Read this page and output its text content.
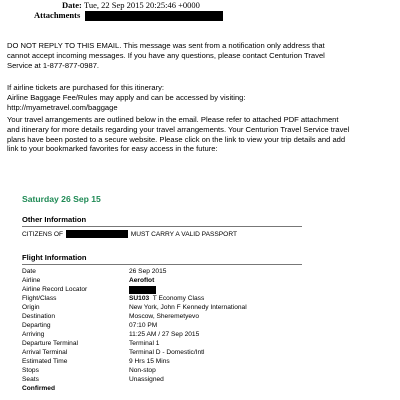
Date: Tue, 22 Sep 2015 20:25:46 +0000
Attachments
DO NOT REPLY TO THIS EMAIL. This message was sent from a notification only address that
cannot accept incoming messages. If you have any questions, please contact Centurion Travel
Service at 1-877-877-0987.
If airline tickets are purchased for this itinerary:
Airline Baggage Fee/Rules may apply and can be accessed by visiting:
http://myametravel.com/baggage
Your travel arrangements are outlined below in the email. Please refer to attached PDF attachment
and itinerary for more details regarding your travel arrangements. Your Centurion Travel Service travel
plans have been posted to a secure website. Please click on the link to view your trip details and add
link to your bookmarked favorites for easy access in the future:
Saturday 26 Sep 15
Other Information
CITIZENS OF	MUST CARRY A VALID PASSPORT
Flight Information
Date	26 Sep 2015
Airline	Aeroflot
Airline Record Locator
Flight/Class	SU103  T Economy Class
Origin	New York, John F Kennedy International
Destination	Moscow, Sheremetyevo
Departing	07:10 PM
Arriving	11:25 AM / 27 Sep 2015
Departure Terminal	Terminal 1
Arrival Terminal	Terminal D - Domestic/Intl
Estimated Time	9 Hrs 15 Mins
Stops	Non-stop
Seats	Unassigned
Confirmed
